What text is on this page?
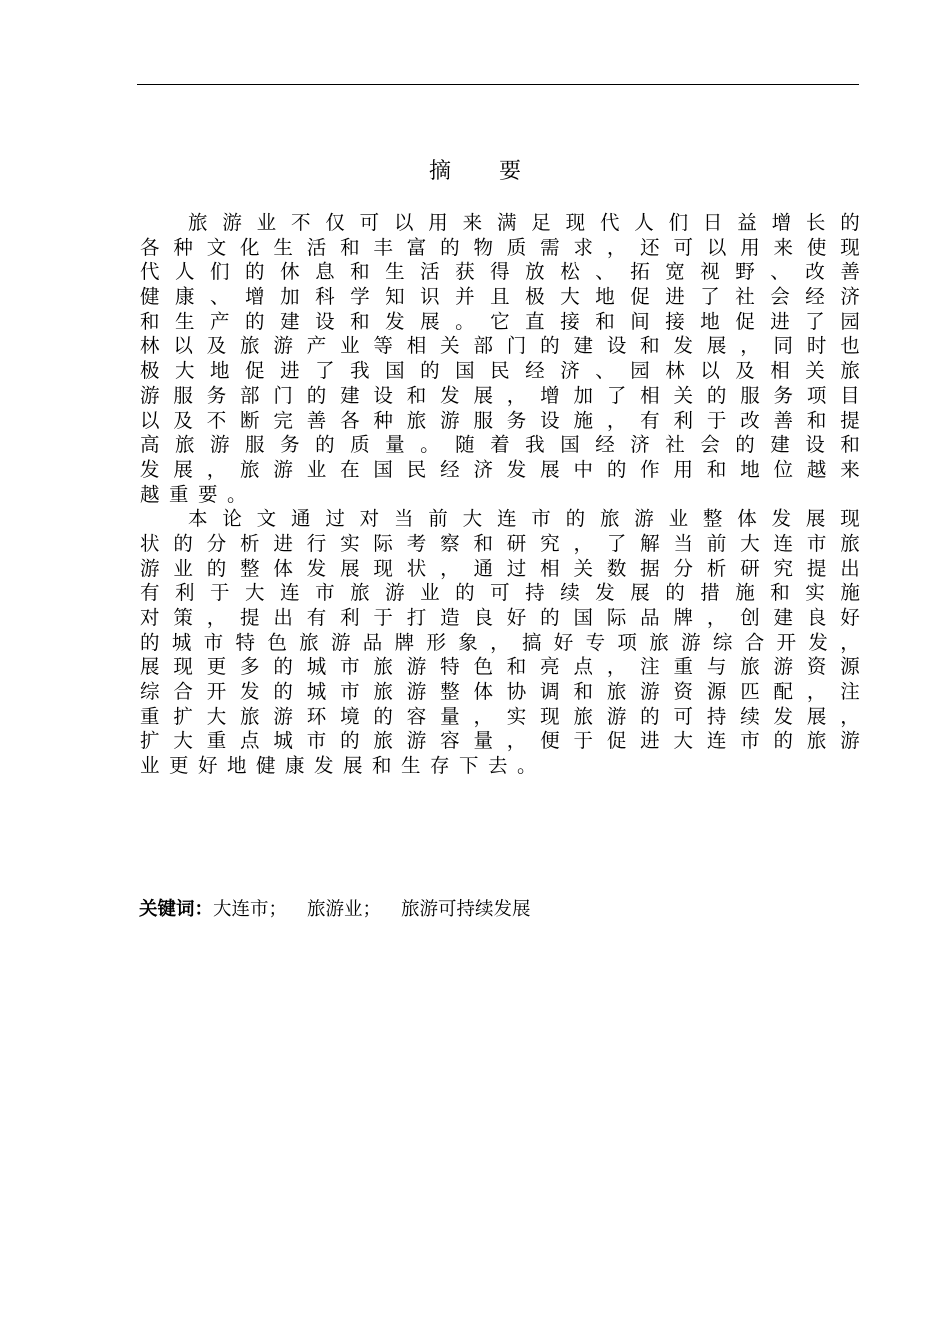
摘要
旅 游 业 不 仅 可 以 用 来 满 足 现 代 人 们 日 益 增 长 的
各 种 文 化 生 活 和 丰 富 的 物 质 需 求 ， 还 可 以 用 来 使 现
代 人 们 的 休 息 和 生 活 获 得 放 松 、 拓 宽 视 野 、 改 善
健 康 、 增 加 科 学 知 识 并 且 极 大 地 促 进 了 社 会 经 济
和 生 产 的 建 设 和 发 展 。 它 直 接 和 间 接 地 促 进 了 园
林 以 及 旅 游 产 业 等 相 关 部 门 的 建 设 和 发 展 ， 同 时 也
极 大 地 促 进 了 我 国 的 国 民 经 济 、 园 林 以 及 相 关 旅
游 服 务 部 门 的 建 设 和 发 展 ， 增 加 了 相 关 的 服 务 项 目
以 及 不 断 完 善 各 种 旅 游 服 务 设 施 ， 有 利 于 改 善 和 提
高 旅 游 服 务 的 质 量 。 随 着 我 国 经 济 社 会 的 建 设 和
发 展 ， 旅 游 业 在 国 民 经 济 发 展 中 的 作 用 和 地 位 越 来
越重要。
本 论 文 通 过 对 当 前 大 连 市 的 旅 游 业 整 体 发 展 现
状 的 分 析 进 行 实 际 考 察 和 研 究 ， 了 解 当 前 大 连 市 旅
游 业 的 整 体 发 展 现 状 ， 通 过 相 关 数 据 分 析 研 究 提 出
有 利 于 大 连 市 旅 游 业 的 可 持 续 发 展 的 措 施 和 实 施
对 策 ， 提 出 有 利 于 打 造 良 好 的 国 际 品 牌 ， 创 建 良 好
的 城 市 特 色 旅 游 品 牌 形 象 ， 搞 好 专 项 旅 游 综 合 开 发 ，
展 现 更 多 的 城 市 旅 游 特 色 和 亮 点 ， 注 重 与 旅 游 资 源
综 合 开 发 的 城 市 旅 游 整 体 协 调 和 旅 游 资 源 匹 配 ， 注
重 扩 大 旅 游 环 境 的 容 量 ， 实 现 旅 游 的 可 持 续 发 展 ，
扩 大 重 点 城 市 的 旅 游 容 量 ， 便 于 促 进 大 连 市 的 旅 游
业更好地健康发展和生存下去。
关键词：大连市； 旅游业； 旅游可持续发展
